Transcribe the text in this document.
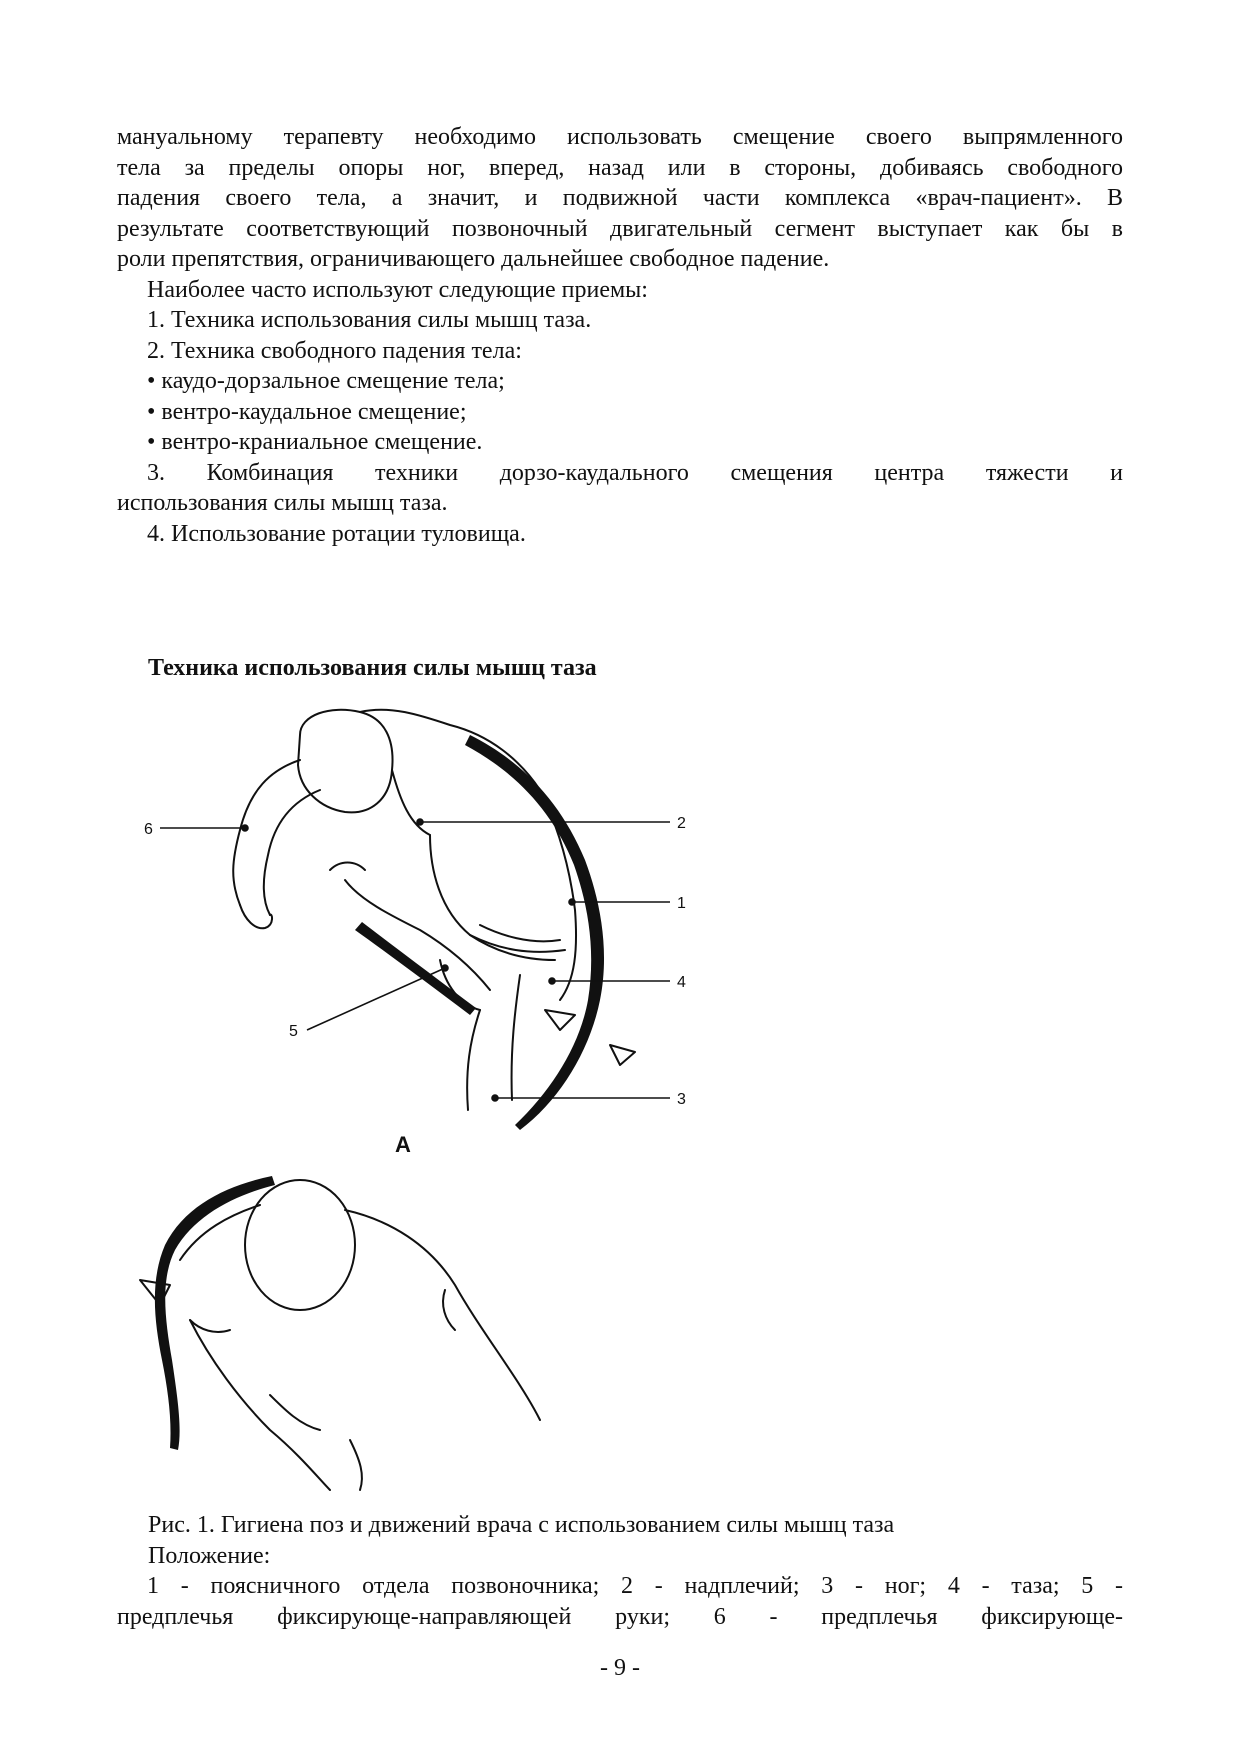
мануальному терапевту необходимо использовать смещение своего выпрямленного
тела за пределы опоры ног, вперед, назад или в стороны, добиваясь свободного
падения своего тела, а значит, и подвижной части комплекса «врач-пациент». В
результате соответствующий позвоночный двигательный сегмент выступает как бы в
роли препятствия, ограничивающего дальнейшее свободное падение.
Наиболее часто используют следующие приемы:
1. Техника использования силы мышц таза.
2. Техника свободного падения тела:
• каудо-дорзальное смещение тела;
• вентро-каудальное смещение;
• вентро-краниальное смещение.
3. Комбинация техники дорзо-каудального смещения центра тяжести и
использования силы мышц таза.
4. Использование ротации туловища.
Техника использования силы мышц таза
6	2
1
4
5
3
А
Рис. 1. Гигиена поз и движений врача с использованием силы мышц таза
Положение:
1 - поясничного отдела позвоночника; 2 - надплечий; 3 - ног; 4 - таза; 5 -
предплечья фиксирующе-направляющей руки; 6 - предплечья фиксирующе-
- 9 -
